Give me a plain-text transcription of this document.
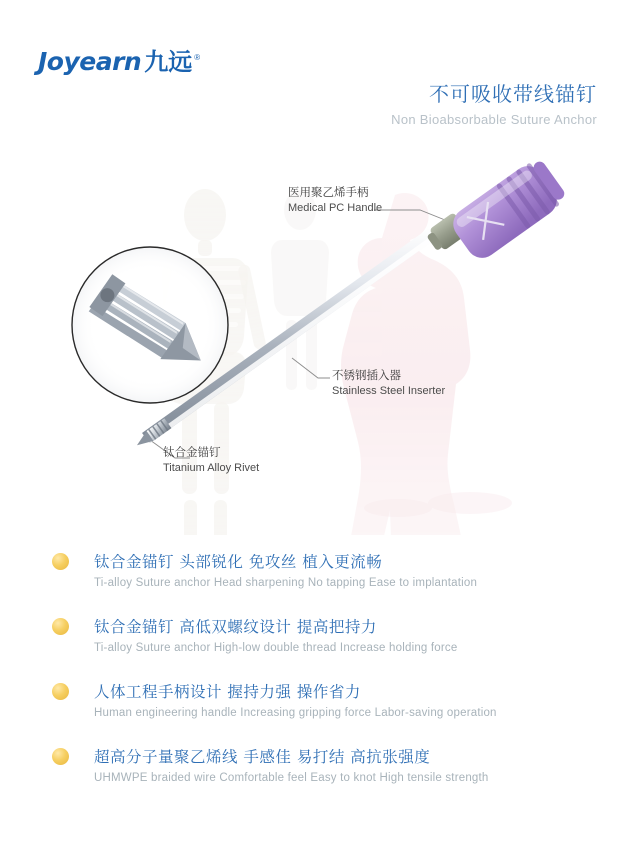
Joyearn 九远 ®
不可吸收带线锚钉
Non Bioabsorbable Suture Anchor
医用聚乙烯手柄
Medical PC Handle
不锈钢插入器
Stainless Steel Inserter
钛合金锚钉
Titanium Alloy Rivet
钛合金锚钉 头部锐化 免攻丝 植入更流畅
Ti-alloy Suture anchor Head sharpening No tapping Ease to implantation
钛合金锚钉 高低双螺纹设计 提高把持力
Ti-alloy Suture anchor High-low double thread Increase holding force
人体工程手柄设计 握持力强 操作省力
Human engineering handle Increasing gripping force Labor-saving operation
超高分子量聚乙烯线 手感佳 易打结 高抗张强度
UHMWPE braided wire Comfortable feel Easy to knot High tensile strength
